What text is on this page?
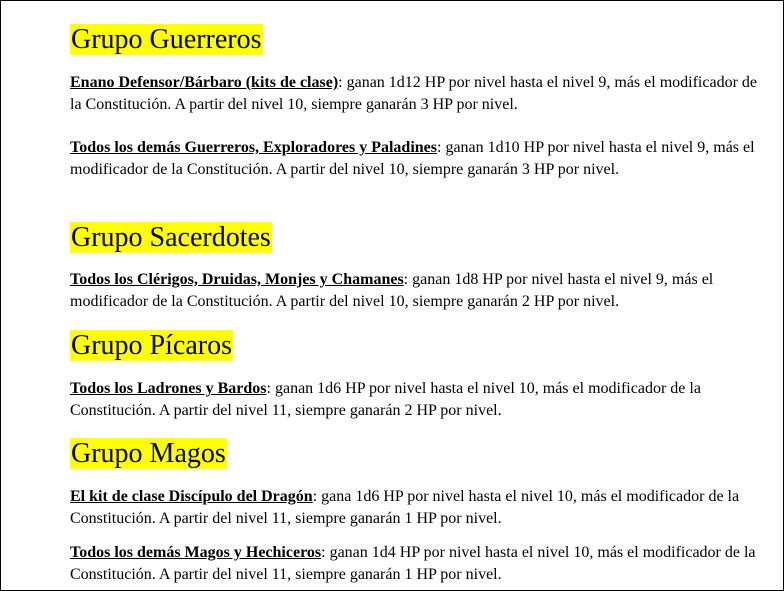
Grupo Guerreros

Enano Defensor/Bárbaro (kits de clase): ganan 1d12 HP por nivel hasta el nivel 9, más el modificador de la Constitución. A partir del nivel 10, siempre ganarán 3 HP por nivel.

Todos los demás Guerreros, Exploradores y Paladines: ganan 1d10 HP por nivel hasta el nivel 9, más el modificador de la Constitución. A partir del nivel 10, siempre ganarán 3 HP por nivel.

Grupo Sacerdotes

Todos los Clérigos, Druidas, Monjes y Chamanes: ganan 1d8 HP por nivel hasta el nivel 9, más el modificador de la Constitución. A partir del nivel 10, siempre ganarán 2 HP por nivel.

Grupo Pícaros

Todos los Ladrones y Bardos: ganan 1d6 HP por nivel hasta el nivel 10, más el modificador de la Constitución. A partir del nivel 11, siempre ganarán 2 HP por nivel.

Grupo Magos

El kit de clase Discípulo del Dragón: gana 1d6 HP por nivel hasta el nivel 10, más el modificador de la Constitución. A partir del nivel 11, siempre ganarán 1 HP por nivel.

Todos los demás Magos y Hechiceros: ganan 1d4 HP por nivel hasta el nivel 10, más el modificador de la Constitución. A partir del nivel 11, siempre ganarán 1 HP por nivel.
